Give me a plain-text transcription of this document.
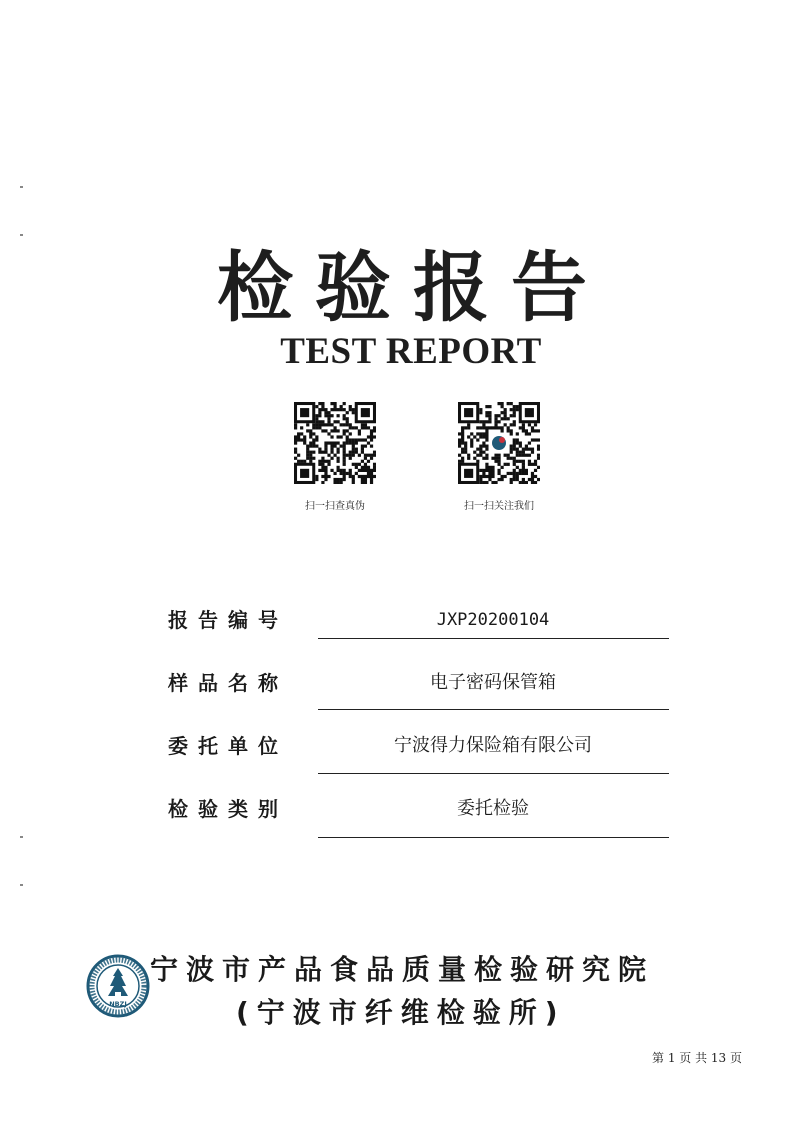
检验报告
TEST REPORT
扫一扫查真伪	扫一扫关注我们
报告编号	JXP20200104
样品名称	电子密码保管箱
委托单位	宁波得力保险箱有限公司
检验类别	委托检验
NBZJ
宁波市产品食品质量检验研究院
(宁波市纤维检验所)
第 1 页 共 13 页
